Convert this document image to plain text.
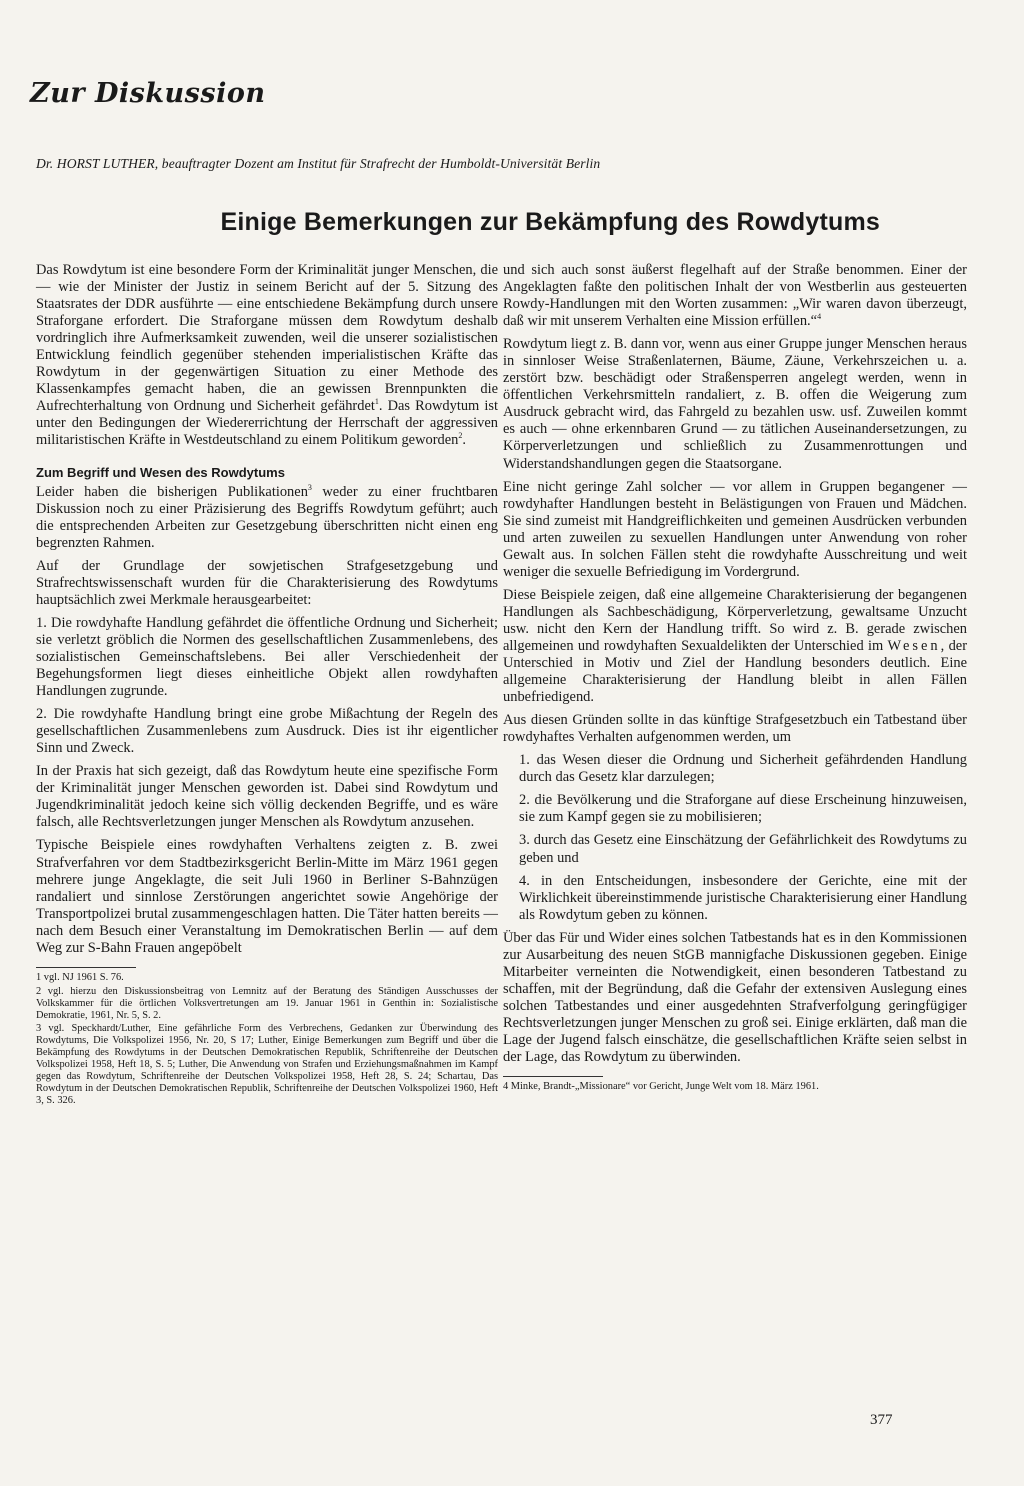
Zur Diskussion
Dr. HORST LUTHER, beauftragter Dozent am Institut für Strafrecht der Humboldt-Universität Berlin
Einige Bemerkungen zur Bekämpfung des Rowdytums

Das Rowdytum ist eine besondere Form der Kriminalität junger Menschen, die — wie der Minister der Justiz in seinem Bericht auf der 5. Sitzung des Staatsrates der DDR ausführte — eine entschiedene Bekämpfung durch unsere Straforgane erfordert. Die Straforgane müssen dem Rowdytum deshalb vordringlich ihre Aufmerksamkeit zuwenden, weil die unserer sozialistischen Entwicklung feindlich gegenüber stehenden imperialistischen Kräfte das Rowdytum in der gegenwärtigen Situation zu einer Methode des Klassenkampfes gemacht haben, die an gewissen Brennpunkten die Aufrechterhaltung von Ordnung und Sicherheit gefährdet$^1$. Das Rowdytum ist unter den Bedingungen der Wiedererrichtung der Herrschaft der aggressiven militaristischen Kräfte in Westdeutschland zu einem Politikum geworden$^2$.

Zum Begriff und Wesen des Rowdytums

Leider haben die bisherigen Publikationen$^3$ weder zu einer fruchtbaren Diskussion noch zu einer Präzisierung des Begriffs Rowdytum geführt; auch die entsprechenden Arbeiten zur Gesetzgebung überschritten nicht einen eng begrenzten Rahmen.

Auf der Grundlage der sowjetischen Strafgesetzgebung und Strafrechtswissenschaft wurden für die Charakterisierung des Rowdytums hauptsächlich zwei Merkmale herausgearbeitet:

1. Die rowdyhafte Handlung gefährdet die öffentliche Ordnung und Sicherheit; sie verletzt gröblich die Normen des gesellschaftlichen Zusammenlebens, des sozialistischen Gemeinschaftslebens. Bei aller Verschiedenheit der Begehungsformen liegt dieses einheitliche Objekt allen rowdyhaften Handlungen zugrunde.

2. Die rowdyhafte Handlung bringt eine grobe Mißachtung der Regeln des gesellschaftlichen Zusammenlebens zum Ausdruck. Dies ist ihr eigentlicher Sinn und Zweck.

In der Praxis hat sich gezeigt, daß das Rowdytum heute eine spezifische Form der Kriminalität junger Menschen geworden ist. Dabei sind Rowdytum und Jugendkriminalität jedoch keine sich völlig deckenden Begriffe, und es wäre falsch, alle Rechtsverletzungen junger Menschen als Rowdytum anzusehen.

Typische Beispiele eines rowdyhaften Verhaltens zeigten z. B. zwei Strafverfahren vor dem Stadtbezirksgericht Berlin-Mitte im März 1961 gegen mehrere junge Angeklagte, die seit Juli 1960 in Berliner S-Bahnzügen randaliert und sinnlose Zerstörungen angerichtet sowie Angehörige der Transportpolizei brutal zusammengeschlagen hatten. Die Täter hatten bereits — nach dem Besuch einer Veranstaltung im Demokratischen Berlin — auf dem Weg zur S-Bahn Frauen angepöbelt

1 vgl. NJ 1961 S. 76.

2 vgl. hierzu den Diskussionsbeitrag von Lemnitz auf der Beratung des Ständigen Ausschusses der Volkskammer für die örtlichen Volksvertretungen am 19. Januar 1961 in Genthin in: Sozialistische Demokratie, 1961, Nr. 5, S. 2.

3 vgl. Speckhardt/Luther, Eine gefährliche Form des Verbrechens, Gedanken zur Überwindung des Rowdytums, Die Volkspolizei 1956, Nr. 20, S 17; Luther, Einige Bemerkungen zum Begriff und über die Bekämpfung des Rowdytums in der Deutschen Demokratischen Republik, Schriftenreihe der Deutschen Volkspolizei 1958, Heft 18, S. 5; Luther, Die Anwendung von Strafen und Erziehungsmaßnahmen im Kampf gegen das Rowdytum, Schriftenreihe der Deutschen Volkspolizei 1958, Heft 28, S. 24; Schartau, Das Rowdytum in der Deutschen Demokratischen Republik, Schriftenreihe der Deutschen Volkspolizei 1960, Heft 3, S. 326.

und sich auch sonst äußerst flegelhaft auf der Straße benommen. Einer der Angeklagten faßte den politischen Inhalt der von Westberlin aus gesteuerten Rowdy-Handlungen mit den Worten zusammen: „Wir waren davon überzeugt, daß wir mit unserem Verhalten eine Mission erfüllen.“$^4$

Rowdytum liegt z. B. dann vor, wenn aus einer Gruppe junger Menschen heraus in sinnloser Weise Straßenlaternen, Bäume, Zäune, Verkehrszeichen u. a. zerstört bzw. beschädigt oder Straßensperren angelegt werden, wenn in öffentlichen Verkehrsmitteln randaliert, z. B. offen die Weigerung zum Ausdruck gebracht wird, das Fahrgeld zu bezahlen usw. usf. Zuweilen kommt es auch — ohne erkennbaren Grund — zu tätlichen Auseinandersetzungen, zu Körperverletzungen und schließlich zu Zusammenrottungen und Widerstandshandlungen gegen die Staatsorgane.

Eine nicht geringe Zahl solcher — vor allem in Gruppen begangener — rowdyhafter Handlungen besteht in Belästigungen von Frauen und Mädchen. Sie sind zumeist mit Handgreiflichkeiten und gemeinen Ausdrücken verbunden und arten zuweilen zu sexuellen Handlungen unter Anwendung von roher Gewalt aus. In solchen Fällen steht die rowdyhafte Ausschreitung und weit weniger die sexuelle Befriedigung im Vordergrund.

Diese Beispiele zeigen, daß eine allgemeine Charakterisierung der begangenen Handlungen als Sachbeschädigung, Körperverletzung, gewaltsame Unzucht usw. nicht den Kern der Handlung trifft. So wird z. B. gerade zwischen allgemeinen und rowdyhaften Sexualdelikten der Unterschied im Wesen, der Unterschied in Motiv und Ziel der Handlung besonders deutlich. Eine allgemeine Charakterisierung der Handlung bleibt in allen Fällen unbefriedigend.

Aus diesen Gründen sollte in das künftige Strafgesetzbuch ein Tatbestand über rowdyhaftes Verhalten aufgenommen werden, um

1. das Wesen dieser die Ordnung und Sicherheit gefährdenden Handlung durch das Gesetz klar darzulegen;

2. die Bevölkerung und die Straforgane auf diese Erscheinung hinzuweisen, sie zum Kampf gegen sie zu mobilisieren;

3. durch das Gesetz eine Einschätzung der Gefährlichkeit des Rowdytums zu geben und

4. in den Entscheidungen, insbesondere der Gerichte, eine mit der Wirklichkeit übereinstimmende juristische Charakterisierung einer Handlung als Rowdytum geben zu können.

Über das Für und Wider eines solchen Tatbestands hat es in den Kommissionen zur Ausarbeitung des neuen StGB mannigfache Diskussionen gegeben. Einige Mitarbeiter verneinten die Notwendigkeit, einen besonderen Tatbestand zu schaffen, mit der Begründung, daß die Gefahr der extensiven Auslegung eines solchen Tatbestandes und einer ausgedehnten Strafverfolgung geringfügiger Rechtsverletzungen junger Menschen zu groß sei. Einige erklärten, daß man die Lage der Jugend falsch einschätze, die gesellschaftlichen Kräfte seien selbst in der Lage, das Rowdytum zu überwinden.

4 Minke, Brandt-„Missionare“ vor Gericht, Junge Welt vom 18. März 1961.

377
